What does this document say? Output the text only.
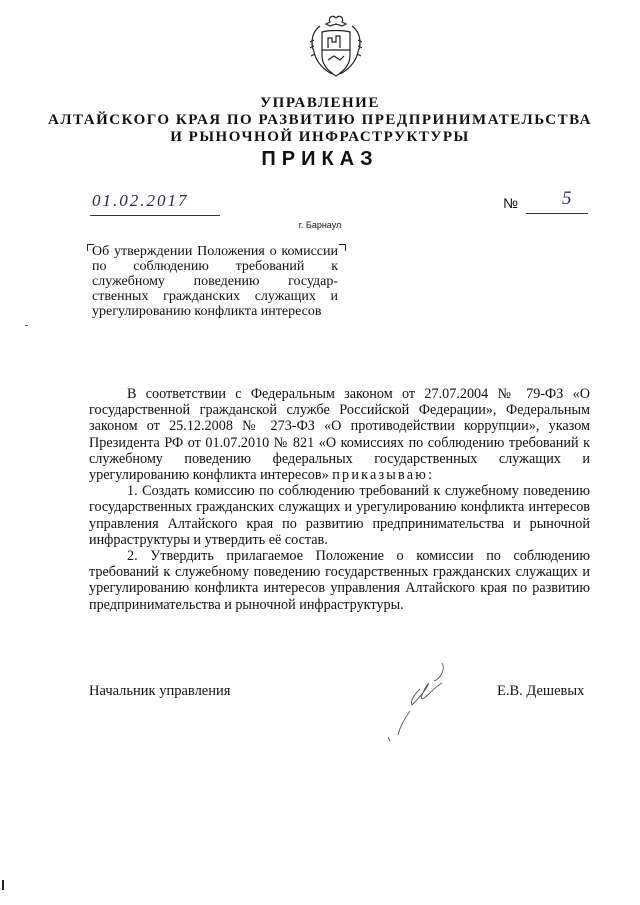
УПРАВЛЕНИЕ
АЛТАЙСКОГО КРАЯ ПО РАЗВИТИЮ ПРЕДПРИНИМАТЕЛЬСТВА
И РЫНОЧНОЙ ИНФРАСТРУКТУРЫ
ПРИКАЗ
01.02.2017	№ 5
г. Барнаул
Об утверждении Положения о комиссии по соблюдению требований к служебному поведению государственных гражданских служащих и урегулированию конфликта интересов

В соответствии с Федеральным законом от 27.07.2004 № 79-ФЗ «О государственной гражданской службе Российской Федерации», Федеральным законом от 25.12.2008 № 273-ФЗ «О противодействии коррупции», указом Президента РФ от 01.07.2010 № 821 «О комиссиях по соблюдению требований к служебному поведению федеральных государственных служащих и урегулированию конфликта интересов» приказываю:

1. Создать комиссию по соблюдению требований к служебному поведению государственных гражданских служащих и урегулированию конфликта интересов управления Алтайского края по развитию предпринимательства и рыночной инфраструктуры и утвердить её состав.

2. Утвердить прилагаемое Положение о комиссии по соблюдению требований к служебному поведению государственных гражданских служащих и урегулированию конфликта интересов управления Алтайского края по развитию предпринимательства и рыночной инфраструктуры.

Начальник управления	Е.В. Дешевых
